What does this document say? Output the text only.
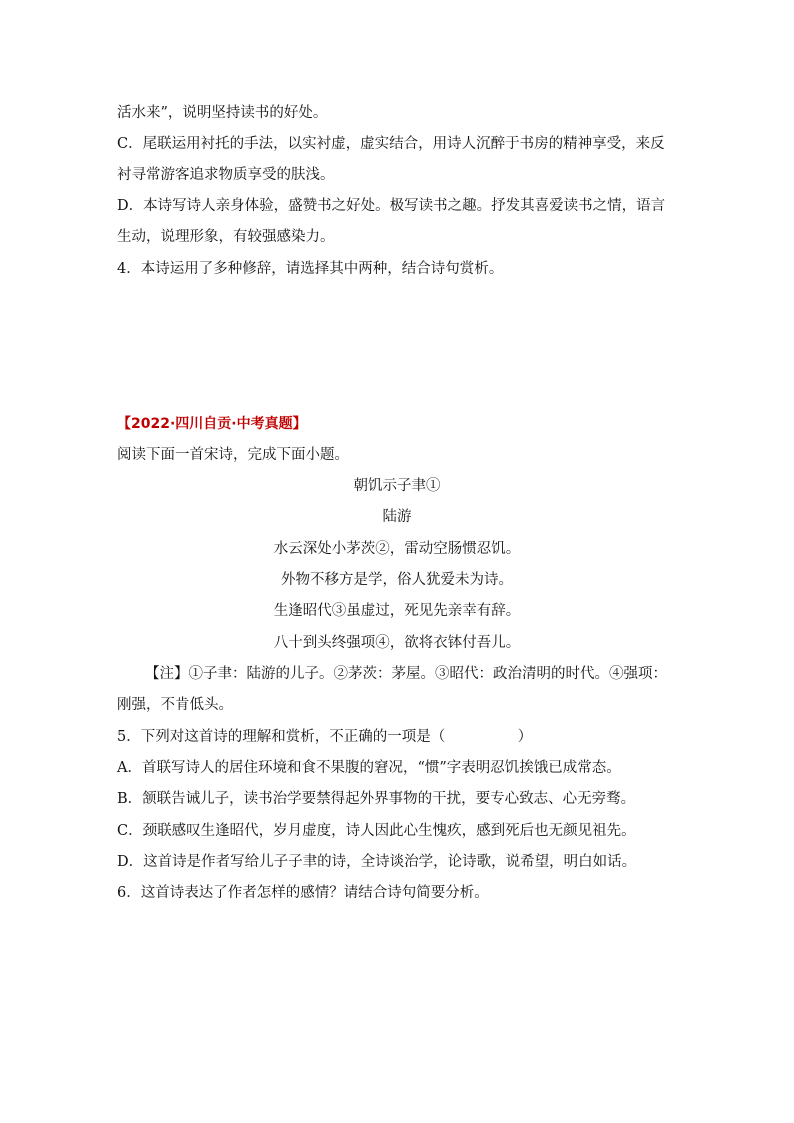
活水来”，说明坚持读书的好处。
C．尾联运用衬托的手法，以实衬虚，虚实结合，用诗人沉醉于书房的精神享受，来反
衬寻常游客追求物质享受的肤浅。
D．本诗写诗人亲身体验，盛赞书之好处。极写读书之趣。抒发其喜爱读书之情，语言
生动，说理形象，有较强感染力。
4．本诗运用了多种修辞，请选择其中两种，结合诗句赏析。
【2022·四川自贡·中考真题】
阅读下面一首宋诗，完成下面小题。
朝饥示子聿①
陆游
水云深处小茅茨②，雷动空肠惯忍饥。
外物不移方是学，俗人犹爱未为诗。
生逢昭代③虽虚过，死见先亲幸有辞。
八十到头终强项④，欲将衣钵付吾儿。
【注】①子聿：陆游的儿子。②茅茨：茅屋。③昭代：政治清明的时代。④强项：
刚强，不肯低头。
5．下列对这首诗的理解和赏析，不正确的一项是（　　　　　）
A．首联写诗人的居住环境和食不果腹的窘况，“惯”字表明忍饥挨饿已成常态。
B．颔联告诫儿子，读书治学要禁得起外界事物的干扰，要专心致志、心无旁骛。
C．颈联感叹生逢昭代，岁月虚度，诗人因此心生愧疚，感到死后也无颜见祖先。
D．这首诗是作者写给儿子子聿的诗，全诗谈治学，论诗歌，说希望，明白如话。
6．这首诗表达了作者怎样的感情？请结合诗句简要分析。
